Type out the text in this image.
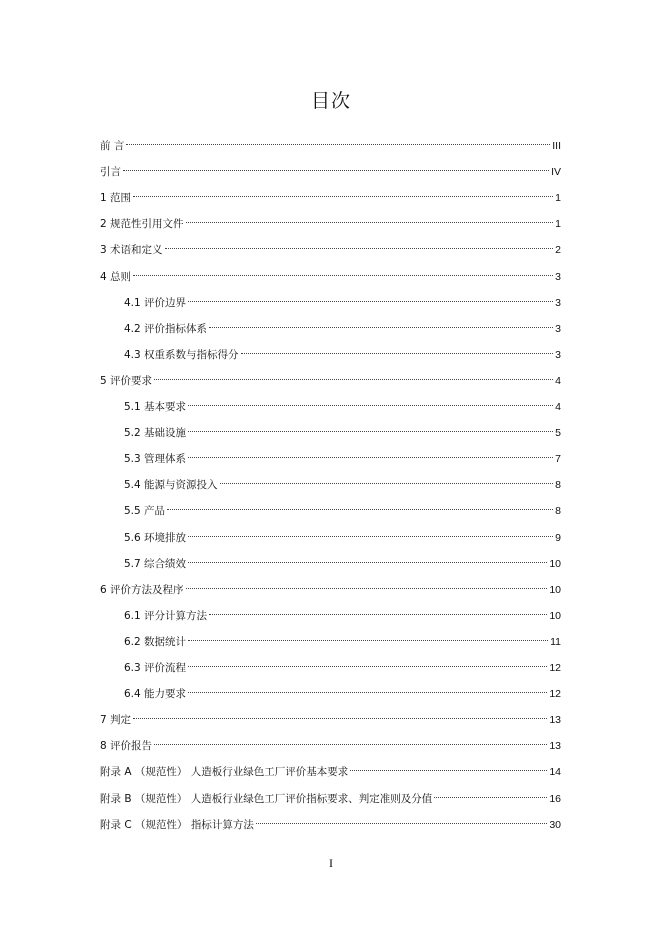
目次
前 言	III
引言	IV
1 范围	1
2 规范性引用文件	1
3 术语和定义	2
4 总则	3
4.1 评价边界	3
4.2 评价指标体系	3
4.3 权重系数与指标得分	3
5 评价要求	4
5.1 基本要求	4
5.2 基础设施	5
5.3 管理体系	7
5.4 能源与资源投入	8
5.5 产品	8
5.6 环境排放	9
5.7 综合绩效	10
6 评价方法及程序	10
6.1 评分计算方法	10
6.2 数据统计	11
6.3 评价流程	12
6.4 能力要求	12
7 判定	13
8 评价报告	13
附录 A （规范性） 人造板行业绿色工厂评价基本要求	14
附录 B （规范性） 人造板行业绿色工厂评价指标要求、判定准则及分值	16
附录 C （规范性） 指标计算方法	30
I
